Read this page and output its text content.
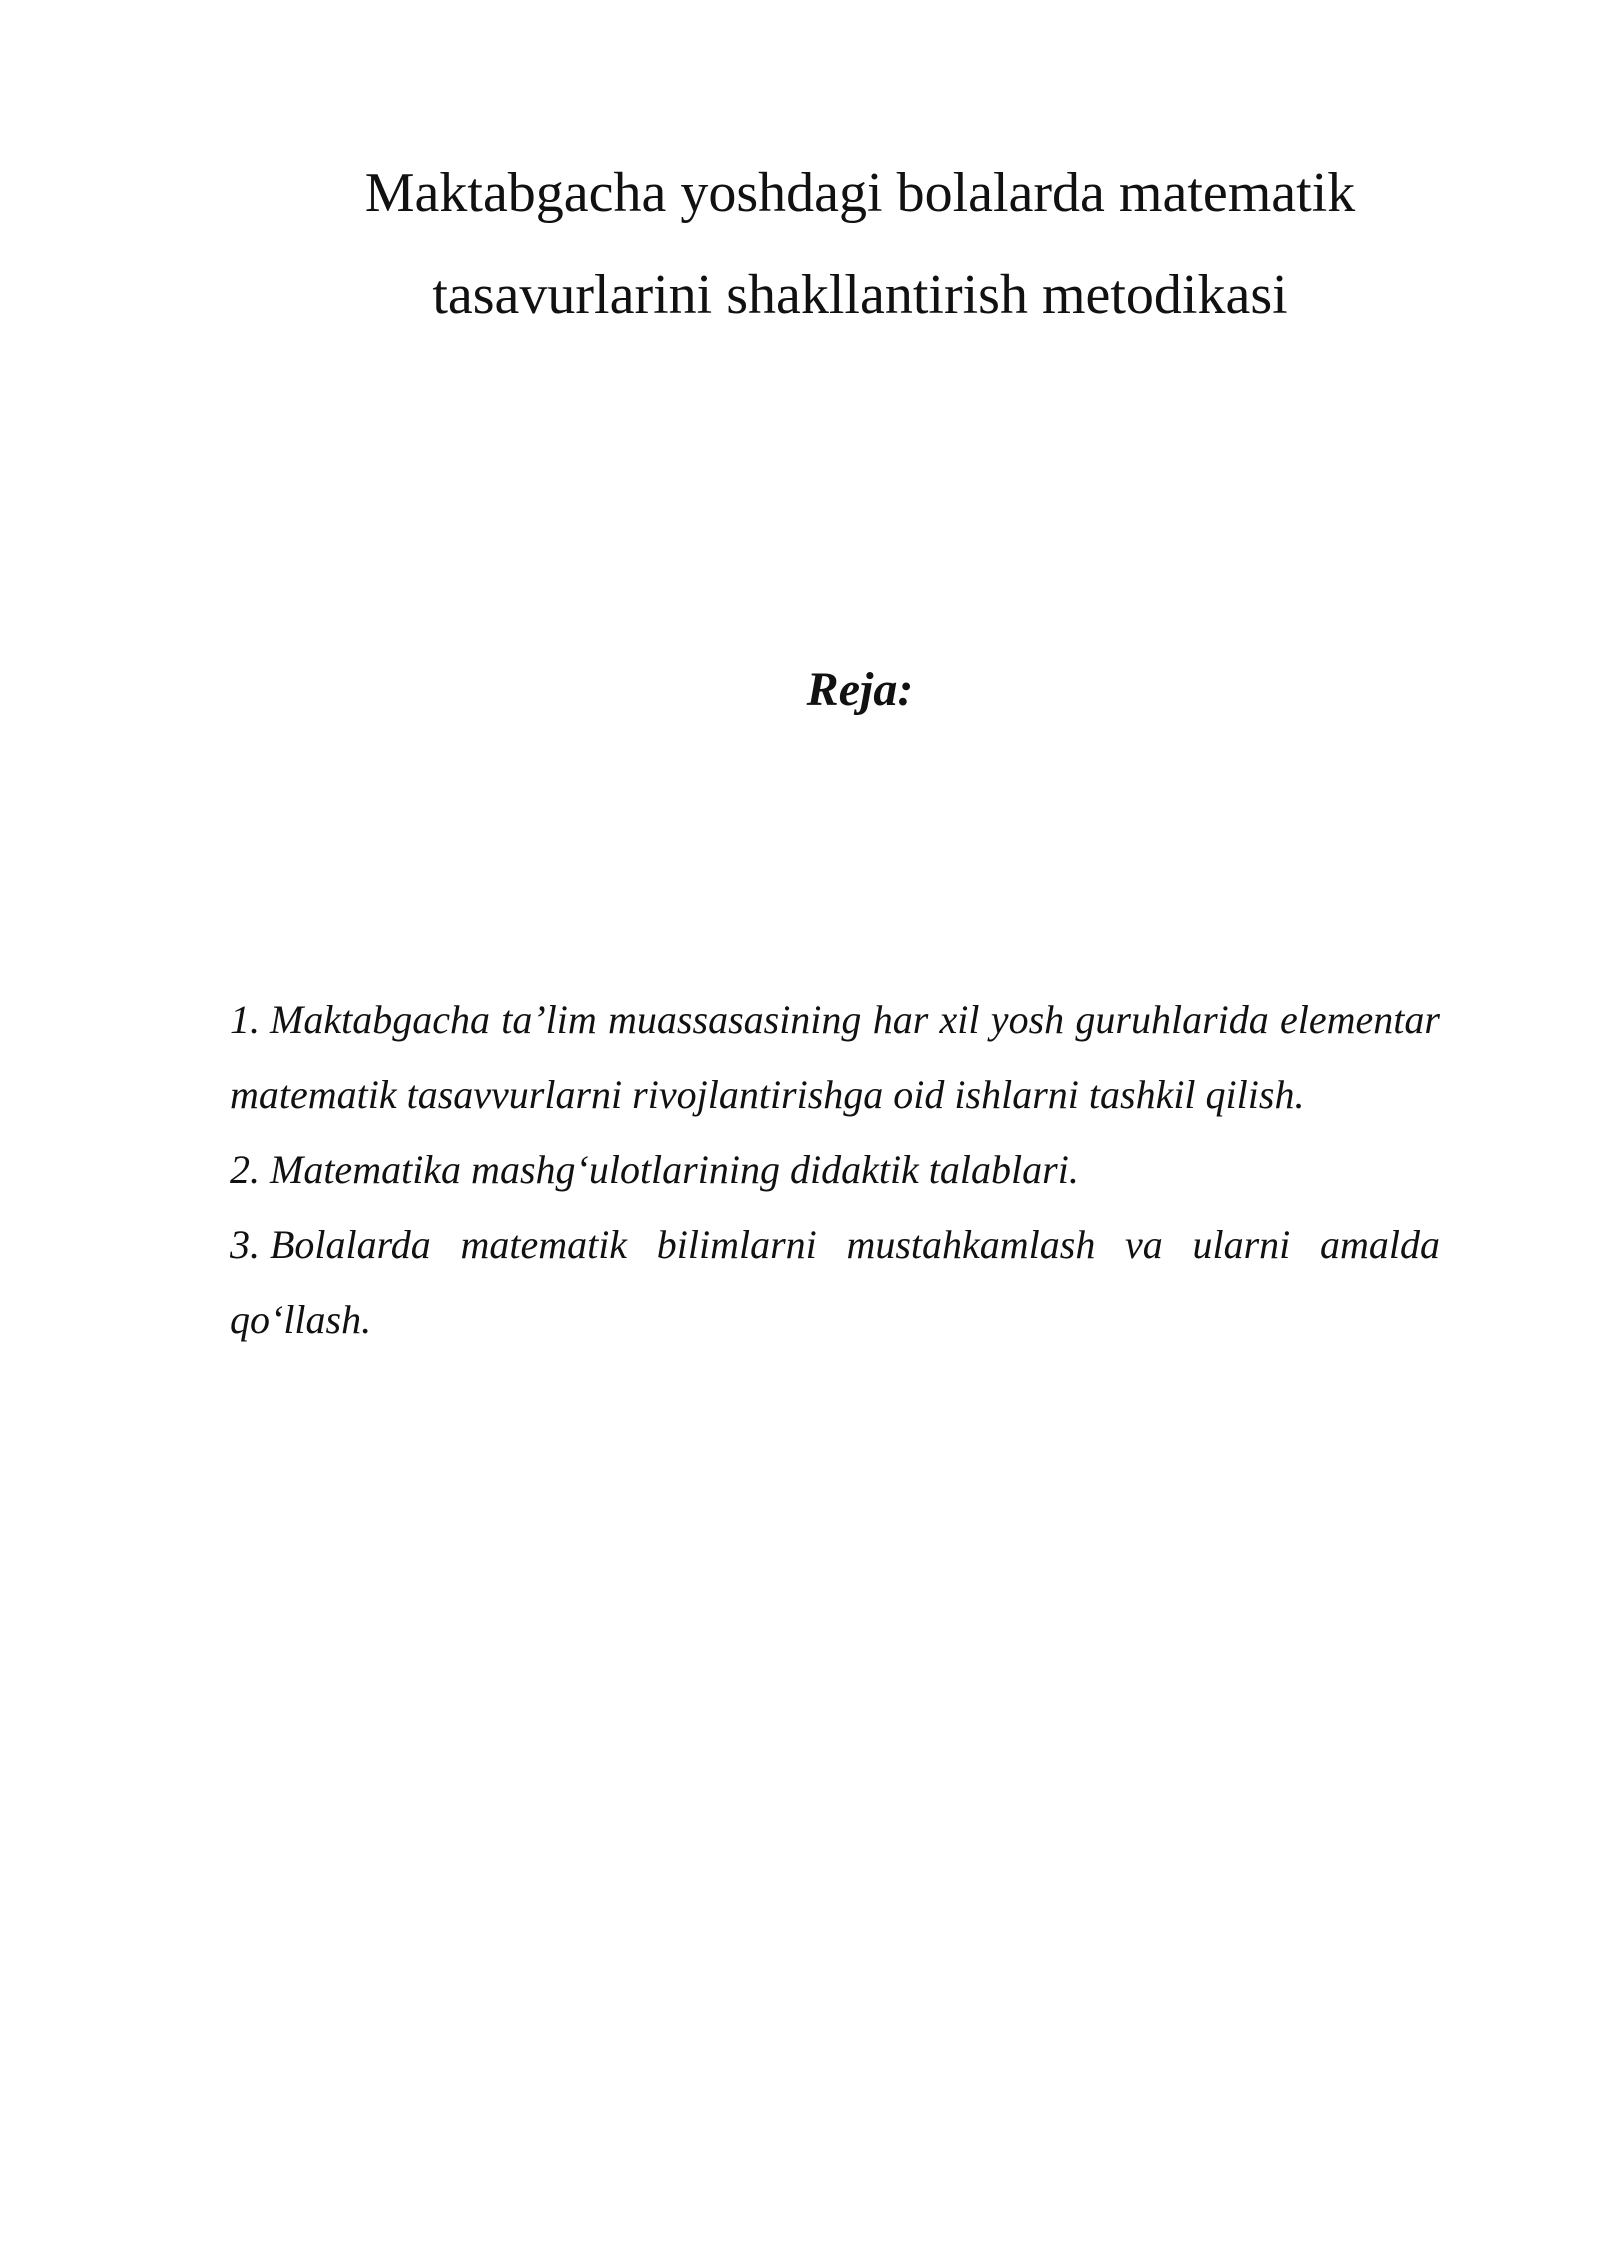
Maktabgacha yoshdagi bolalarda matematik
tasavurlarini shakllantirish metodikasi
Reja:
1. Maktabgacha ta’lim muassasasining har xil yosh guruhlarida elementar matematik tasavvurlarni rivojlantirishga oid ishlarni tashkil qilish.
2. Matematika mashg‘ulotlarining didaktik talablari.
3. Bolalarda matematik bilimlarni mustahkamlash va ularni amalda qo‘llash.
